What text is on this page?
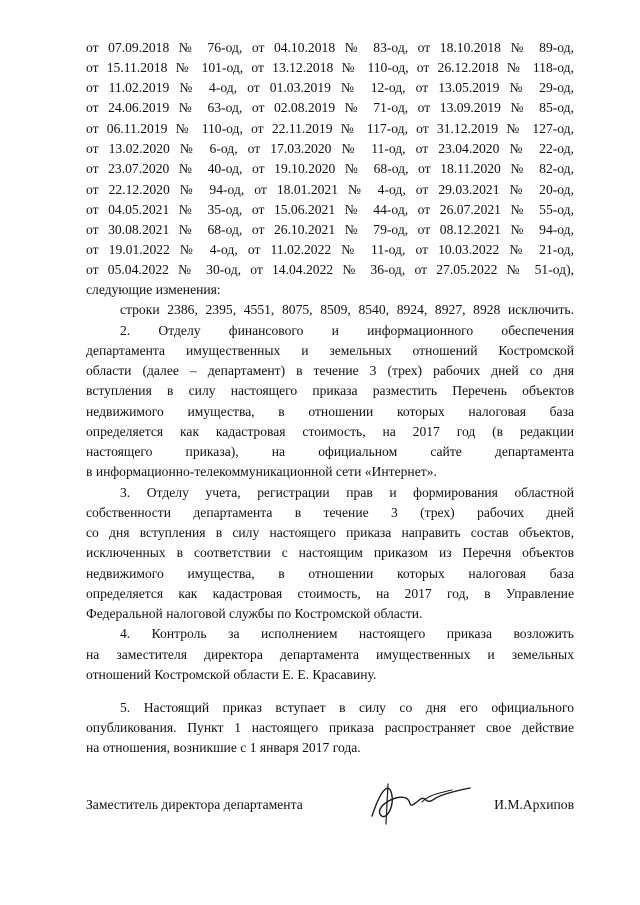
от 07.09.2018 № 76-од, от 04.10.2018 № 83-од, от 18.10.2018 № 89-од,
от 15.11.2018 № 101-од, от 13.12.2018 № 110-од, от 26.12.2018 № 118-од,
от 11.02.2019 № 4-од, от 01.03.2019 № 12-од, от 13.05.2019 № 29-од,
от 24.06.2019 № 63-од, от 02.08.2019 № 71-од, от 13.09.2019 № 85-од,
от 06.11.2019 № 110-од, от 22.11.2019 № 117-од, от 31.12.2019 № 127-од,
от 13.02.2020 № 6-од, от 17.03.2020 № 11-од, от 23.04.2020 № 22-од,
от 23.07.2020 № 40-од, от 19.10.2020 № 68-од, от 18.11.2020 № 82-од,
от 22.12.2020 № 94-од, от 18.01.2021 № 4-од, от 29.03.2021 № 20-од,
от 04.05.2021 № 35-од, от 15.06.2021 № 44-од, от 26.07.2021 № 55-од,
от 30.08.2021 № 68-од, от 26.10.2021 № 79-од, от 08.12.2021 № 94-од,
от 19.01.2022 № 4-од, от 11.02.2022 № 11-од, от 10.03.2022 № 21-од,
от 05.04.2022 № 30-од, от 14.04.2022 № 36-од, от 27.05.2022 № 51-од),
следующие изменения:
строки 2386, 2395, 4551, 8075, 8509, 8540, 8924, 8927, 8928 исключить.
2. Отделу финансового и информационного обеспечения
департамента имущественных и земельных отношений Костромской
области (далее – департамент) в течение 3 (трех) рабочих дней со дня
вступления в силу настоящего приказа разместить Перечень объектов
недвижимого имущества, в отношении которых налоговая база
определяется как кадастровая стоимость, на 2017 год (в редакции
настоящего приказа), на официальном сайте департамента
в информационно-телекоммуникационной сети «Интернет».
3. Отделу учета, регистрации прав и формирования областной
собственности департамента в течение 3 (трех) рабочих дней
со дня вступления в силу настоящего приказа направить состав объектов,
исключенных в соответствии с настоящим приказом из Перечня объектов
недвижимого имущества, в отношении которых налоговая база
определяется как кадастровая стоимость, на 2017 год, в Управление
Федеральной налоговой службы по Костромской области.
4. Контроль за исполнением настоящего приказа возложить
на заместителя директора департамента имущественных и земельных
отношений Костромской области Е. Е. Красавину.
5. Настоящий приказ вступает в силу со дня его официального
опубликования. Пункт 1 настоящего приказа распространяет свое действие
на отношения, возникшие с 1 января 2017 года.
Заместитель директора департамента	И.М.Архипов
